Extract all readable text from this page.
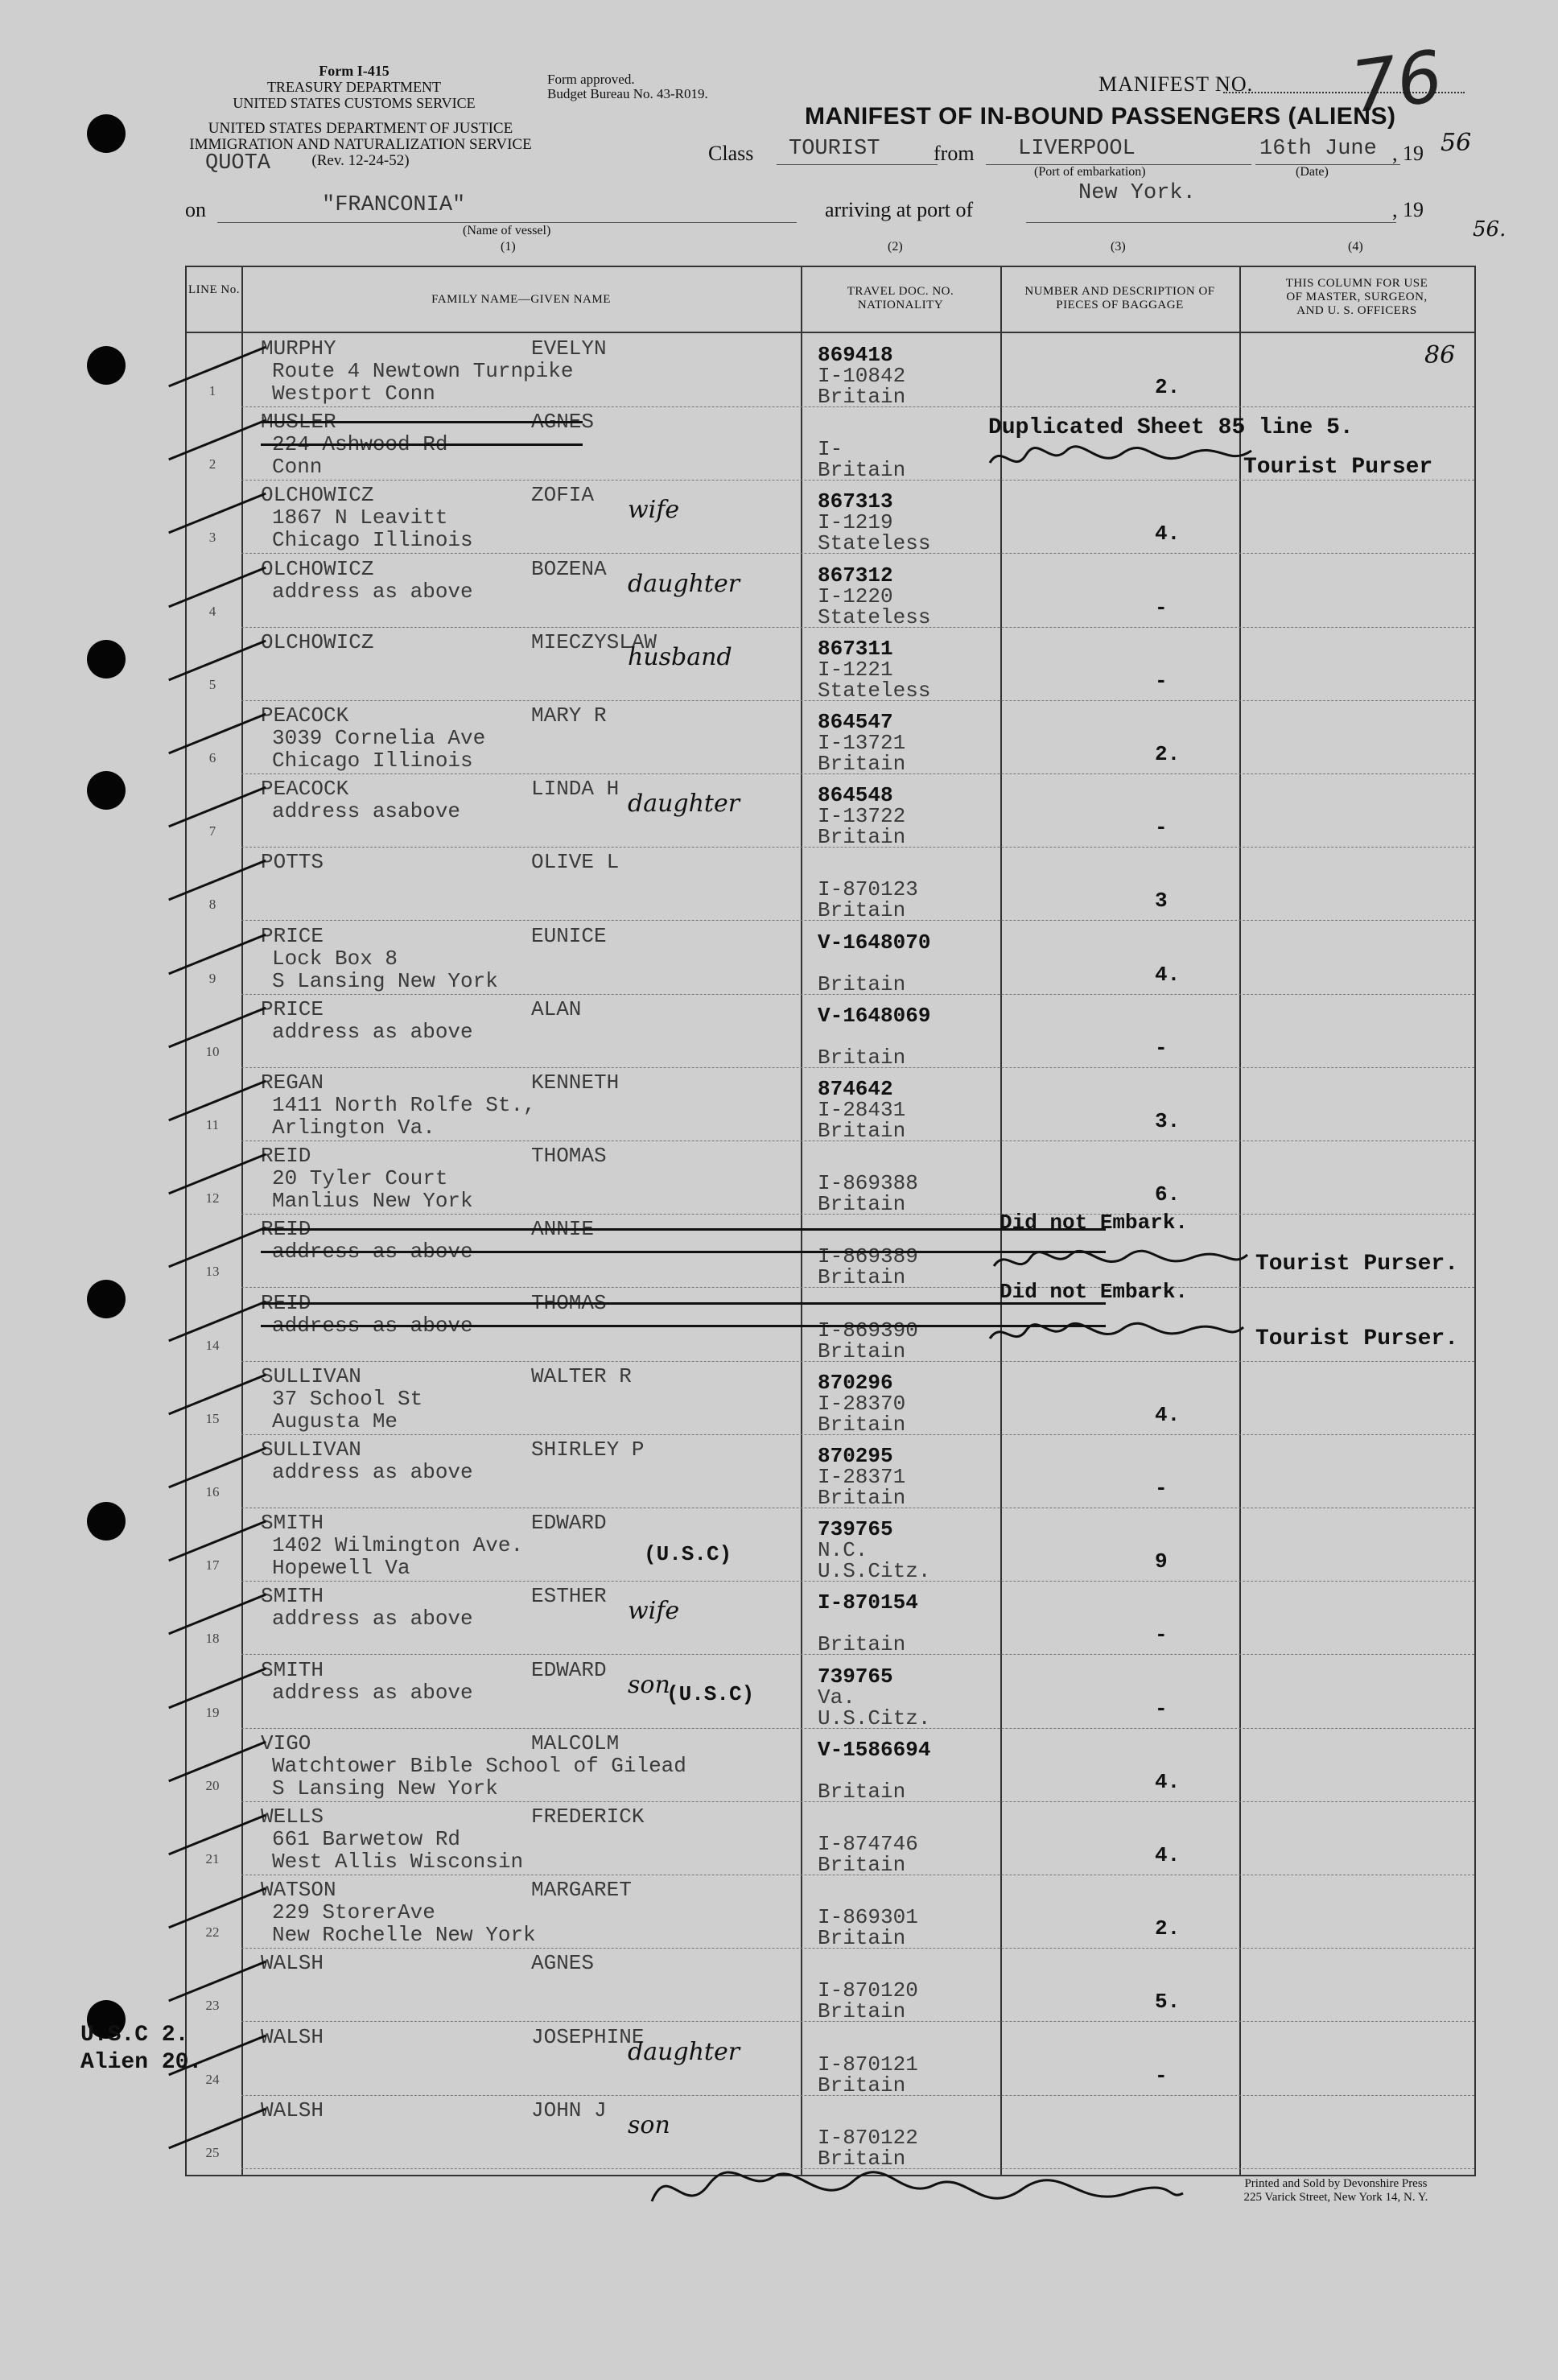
Form I-415
TREASURY DEPARTMENT
UNITED STATES CUSTOMS SERVICE
UNITED STATES DEPARTMENT OF JUSTICE
IMMIGRATION AND NATURALIZATION SERVICE
(Rev. 12-24-52)
Form approved.
Budget Bureau No. 43-R019.	MANIFEST NO. 76
MANIFEST OF IN-BOUND PASSENGERS (ALIENS)
Class TOURIST
QUOTA	from LIVERPOOL
(Port of embarkation)
16th June
(Date)
, 19 56
on	"FRANCONIA"
(Name of vessel)
arriving at port of
New York.
, 19
56.
(1)	(2)	(3)	(4)
LINE No.
FAMILY NAME—GIVEN NAME
TRAVEL DOC. NO.
NATIONALITY
NUMBER AND DESCRIPTION OF
PIECES OF BAGGAGE
THIS COLUMN FOR USE
OF MASTER, SURGEON,
AND U. S. OFFICERS
1
MURPHY	EVELYN
Route 4 Newtown Turnpike
Westport Conn
869418
I-10842
Britain	2.
86
2
MUSLER	AGNES
224 Ashwood Rd
Conn
I-
Britain
3
OLCHOWICZ	ZOFIA
1867 N Leavitt
Chicago Illinois
867313
I-1219
Stateless	4.
wife
4
OLCHOWICZ	BOZENA
address as above
867312
I-1220
Stateless	-
daughter
5
OLCHOWICZ	MIECZYSLAW	867311
I-1221
Stateless	-
husband
6
PEACOCK	MARY R
3039 Cornelia Ave
Chicago Illinois
864547
I-13721
Britain	2.
7
PEACOCK	LINDA H
address asabove
864548
I-13722
Britain	-
daughter
8
POTTS	OLIVE L
I-870123
Britain	3
9
PRICE	EUNICE
Lock Box 8
S Lansing New York
V-1648070
Britain	4.
10
PRICE	ALAN
address as above
V-1648069
Britain	-
11
REGAN	KENNETH
1411 North Rolfe St.,
Arlington Va.
874642
I-28431
Britain	3.
12
REID	THOMAS
20 Tyler Court
Manlius New York
I-869388
Britain	6.
13
REID	ANNIE
address as above	I-869389
Britain
14
REID	THOMAS
address as above	I-869390
Britain
15
SULLIVAN	WALTER R
37 School St
Augusta Me
870296
I-28370
Britain	4.
16
SULLIVAN	SHIRLEY P
address as above
870295
I-28371
Britain	-
17
SMITH	EDWARD
1402 Wilmington Ave.
Hopewell Va
739765
N.C.
U.S.Citz.	9
18
SMITH	ESTHER
address as above
I-870154
Britain	-
wife
19
SMITH	EDWARD
address as above
739765
Va.
U.S.Citz.	-
son
20
VIGO	MALCOLM
Watchtower Bible School of Gilead
S Lansing New York
V-1586694
Britain	4.
21
WELLS	FREDERICK
661 Barwetow Rd
West Allis Wisconsin
I-874746
Britain	4.
22
WATSON	MARGARET
229 StorerAve
New Rochelle New York
I-869301
Britain	2.
23
WALSH	AGNES
I-870120
Britain	5.
24
WALSH	JOSEPHINE
I-870121
Britain	-
daughter
25
WALSH	JOHN J
I-870122
Britain
son
Duplicated Sheet 85 line 5.
Tourist Purser
Did not Embark.
Tourist Purser.
Did not Embark.
Tourist Purser.
(U.S.C)
(U.S.C)
U.S.C 2.
Alien 20.
Printed and Sold by Devonshire Press
225 Varick Street, New York 14, N. Y.
